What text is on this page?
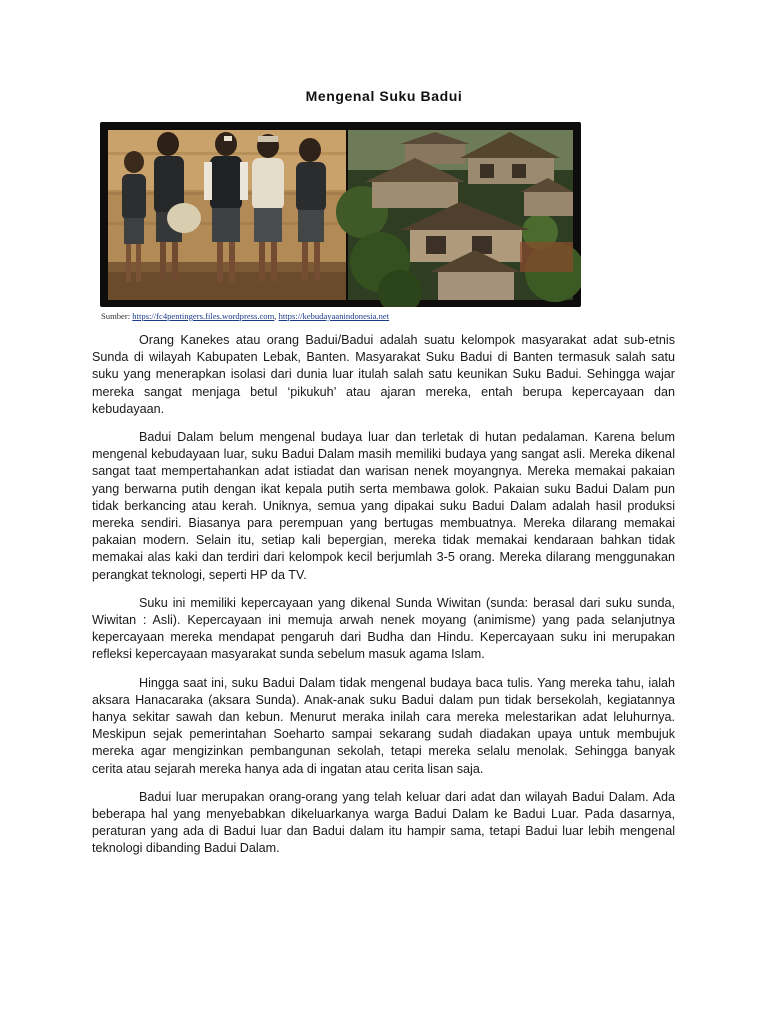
Mengenal Suku Badui
Sumber: https://fc4pentingers.files.wordpress.com, https://kebudayaanindonesia.net

Orang Kanekes atau orang Badui/Badui adalah suatu kelompok masyarakat adat sub-etnis Sunda di wilayah Kabupaten Lebak, Banten. Masyarakat Suku Badui di Banten termasuk salah satu suku yang menerapkan isolasi dari dunia luar itulah salah satu keunikan Suku Badui. Sehingga wajar mereka sangat menjaga betul ‘pikukuh’ atau ajaran mereka, entah berupa kepercayaan dan kebudayaan.

Badui Dalam belum mengenal budaya luar dan terletak di hutan pedalaman. Karena belum mengenal kebudayaan luar, suku Badui Dalam masih memiliki budaya yang sangat asli. Mereka dikenal sangat taat mempertahankan adat istiadat dan warisan nenek moyangnya. Mereka memakai pakaian yang berwarna putih dengan ikat kepala putih serta membawa golok. Pakaian suku Badui Dalam pun tidak berkancing atau kerah. Uniknya, semua yang dipakai suku Badui Dalam adalah hasil produksi mereka sendiri. Biasanya para perempuan yang bertugas membuatnya. Mereka dilarang memakai pakaian modern. Selain itu, setiap kali bepergian, mereka tidak memakai kendaraan bahkan tidak memakai alas kaki dan terdiri dari kelompok kecil berjumlah 3-5 orang. Mereka dilarang menggunakan perangkat teknologi, seperti HP da TV.

Suku ini memiliki kepercayaan yang dikenal Sunda Wiwitan (sunda: berasal dari suku sunda, Wiwitan : Asli). Kepercayaan ini memuja arwah nenek moyang (animisme) yang pada selanjutnya kepercayaan mereka mendapat pengaruh dari Budha dan Hindu. Kepercayaan suku ini merupakan refleksi kepercayaan masyarakat sunda sebelum masuk agama Islam.

Hingga saat ini, suku Badui Dalam tidak mengenal budaya baca tulis. Yang mereka tahu, ialah aksara Hanacaraka (aksara Sunda). Anak-anak suku Badui dalam pun tidak bersekolah, kegiatannya hanya sekitar sawah dan kebun. Menurut meraka inilah cara mereka melestarikan adat leluhurnya. Meskipun sejak pemerintahan Soeharto sampai sekarang sudah diadakan upaya untuk membujuk mereka agar mengizinkan pembangunan sekolah, tetapi mereka selalu menolak. Sehingga banyak cerita atau sejarah mereka hanya ada di ingatan atau cerita lisan saja.

Badui luar merupakan orang-orang yang telah keluar dari adat dan wilayah Badui Dalam. Ada beberapa hal yang menyebabkan dikeluarkanya warga Badui Dalam ke Badui Luar. Pada dasarnya, peraturan yang ada di Badui luar dan Badui dalam itu hampir sama, tetapi Badui luar lebih mengenal teknologi dibanding Badui Dalam.
